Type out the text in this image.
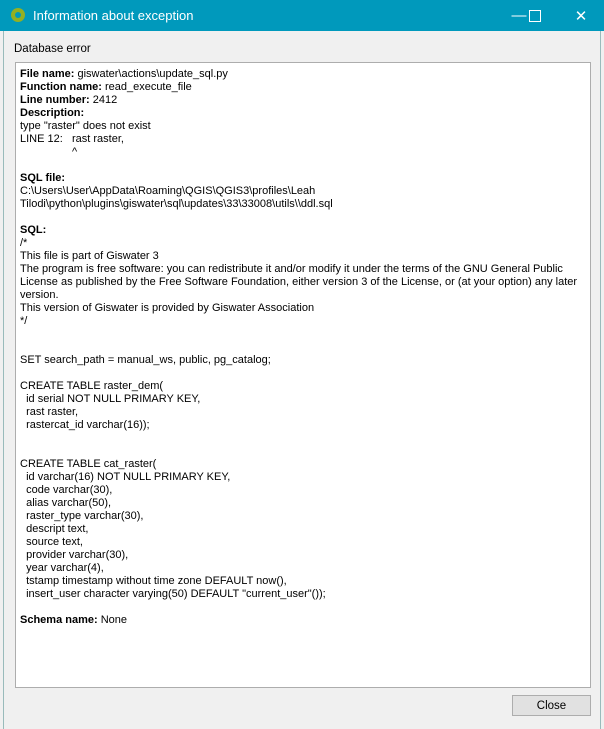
Information about exception	—	✕
Database error
File name: giswater\actions\update_sql.py
Function name: read_execute_file
Line number: 2412
Description:
type "raster" does not exist
LINE 12:   rast raster,
^
SQL file:
C:\Users\User\AppData\Roaming\QGIS\QGIS3\profiles\Leah
Tilodi\python\plugins\giswater\sql\updates\33\33008\utils\\ddl.sql
SQL:
/*
This file is part of Giswater 3
The program is free software: you can redistribute it and/or modify it under the terms of the GNU General Public
License as published by the Free Software Foundation, either version 3 of the License, or (at your option) any later
version.
This version of Giswater is provided by Giswater Association
*/
SET search_path = manual_ws, public, pg_catalog;
CREATE TABLE raster_dem(
id serial NOT NULL PRIMARY KEY,
rast raster,
rastercat_id varchar(16));
CREATE TABLE cat_raster(
id varchar(16) NOT NULL PRIMARY KEY,
code varchar(30),
alias varchar(50),
raster_type varchar(30),
descript text,
source text,
provider varchar(30),
year varchar(4),
tstamp timestamp without time zone DEFAULT now(),
insert_user character varying(50) DEFAULT "current_user"());
Schema name: None
Close
